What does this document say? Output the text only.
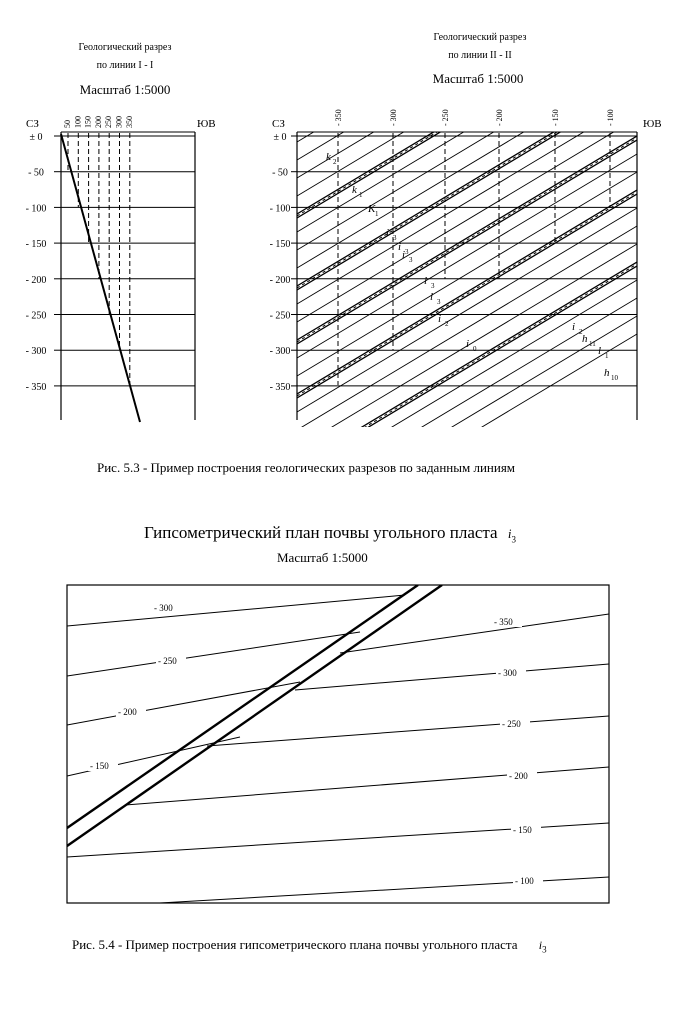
Геологический разрез
по линии I - I
Масштаб 1:5000
СЗ	ЮВ
± 0
- 50
- 100
- 150
- 200
- 250
- 300
- 350
50 100 150 200 250 300 350
Геологический разрез
по линии II - II
Масштаб 1:5000
СЗ	ЮВ
± 0
- 50
- 100
- 150
- 200
- 250
- 300
- 350
- 350	- 300	- 250	- 200	- 150	- 100
k 2
k 1
K 1
i 3
i 3
i 3
l 3
l 3
i 2
i 0
i 2
h 11
l 1
h 10
- 300
- 250
- 200
- 150
- 350
- 300
- 250
- 200
- 150
- 100
Рис. 5.3 - Пример построения геологических разрезов по заданным линиям
Гипсометрический план почвы угольного пласта $i_3$
Масштаб 1:5000
Рис. 5.4 - Пример построения гипсометрического плана почвы угольного пласта $i_3$
